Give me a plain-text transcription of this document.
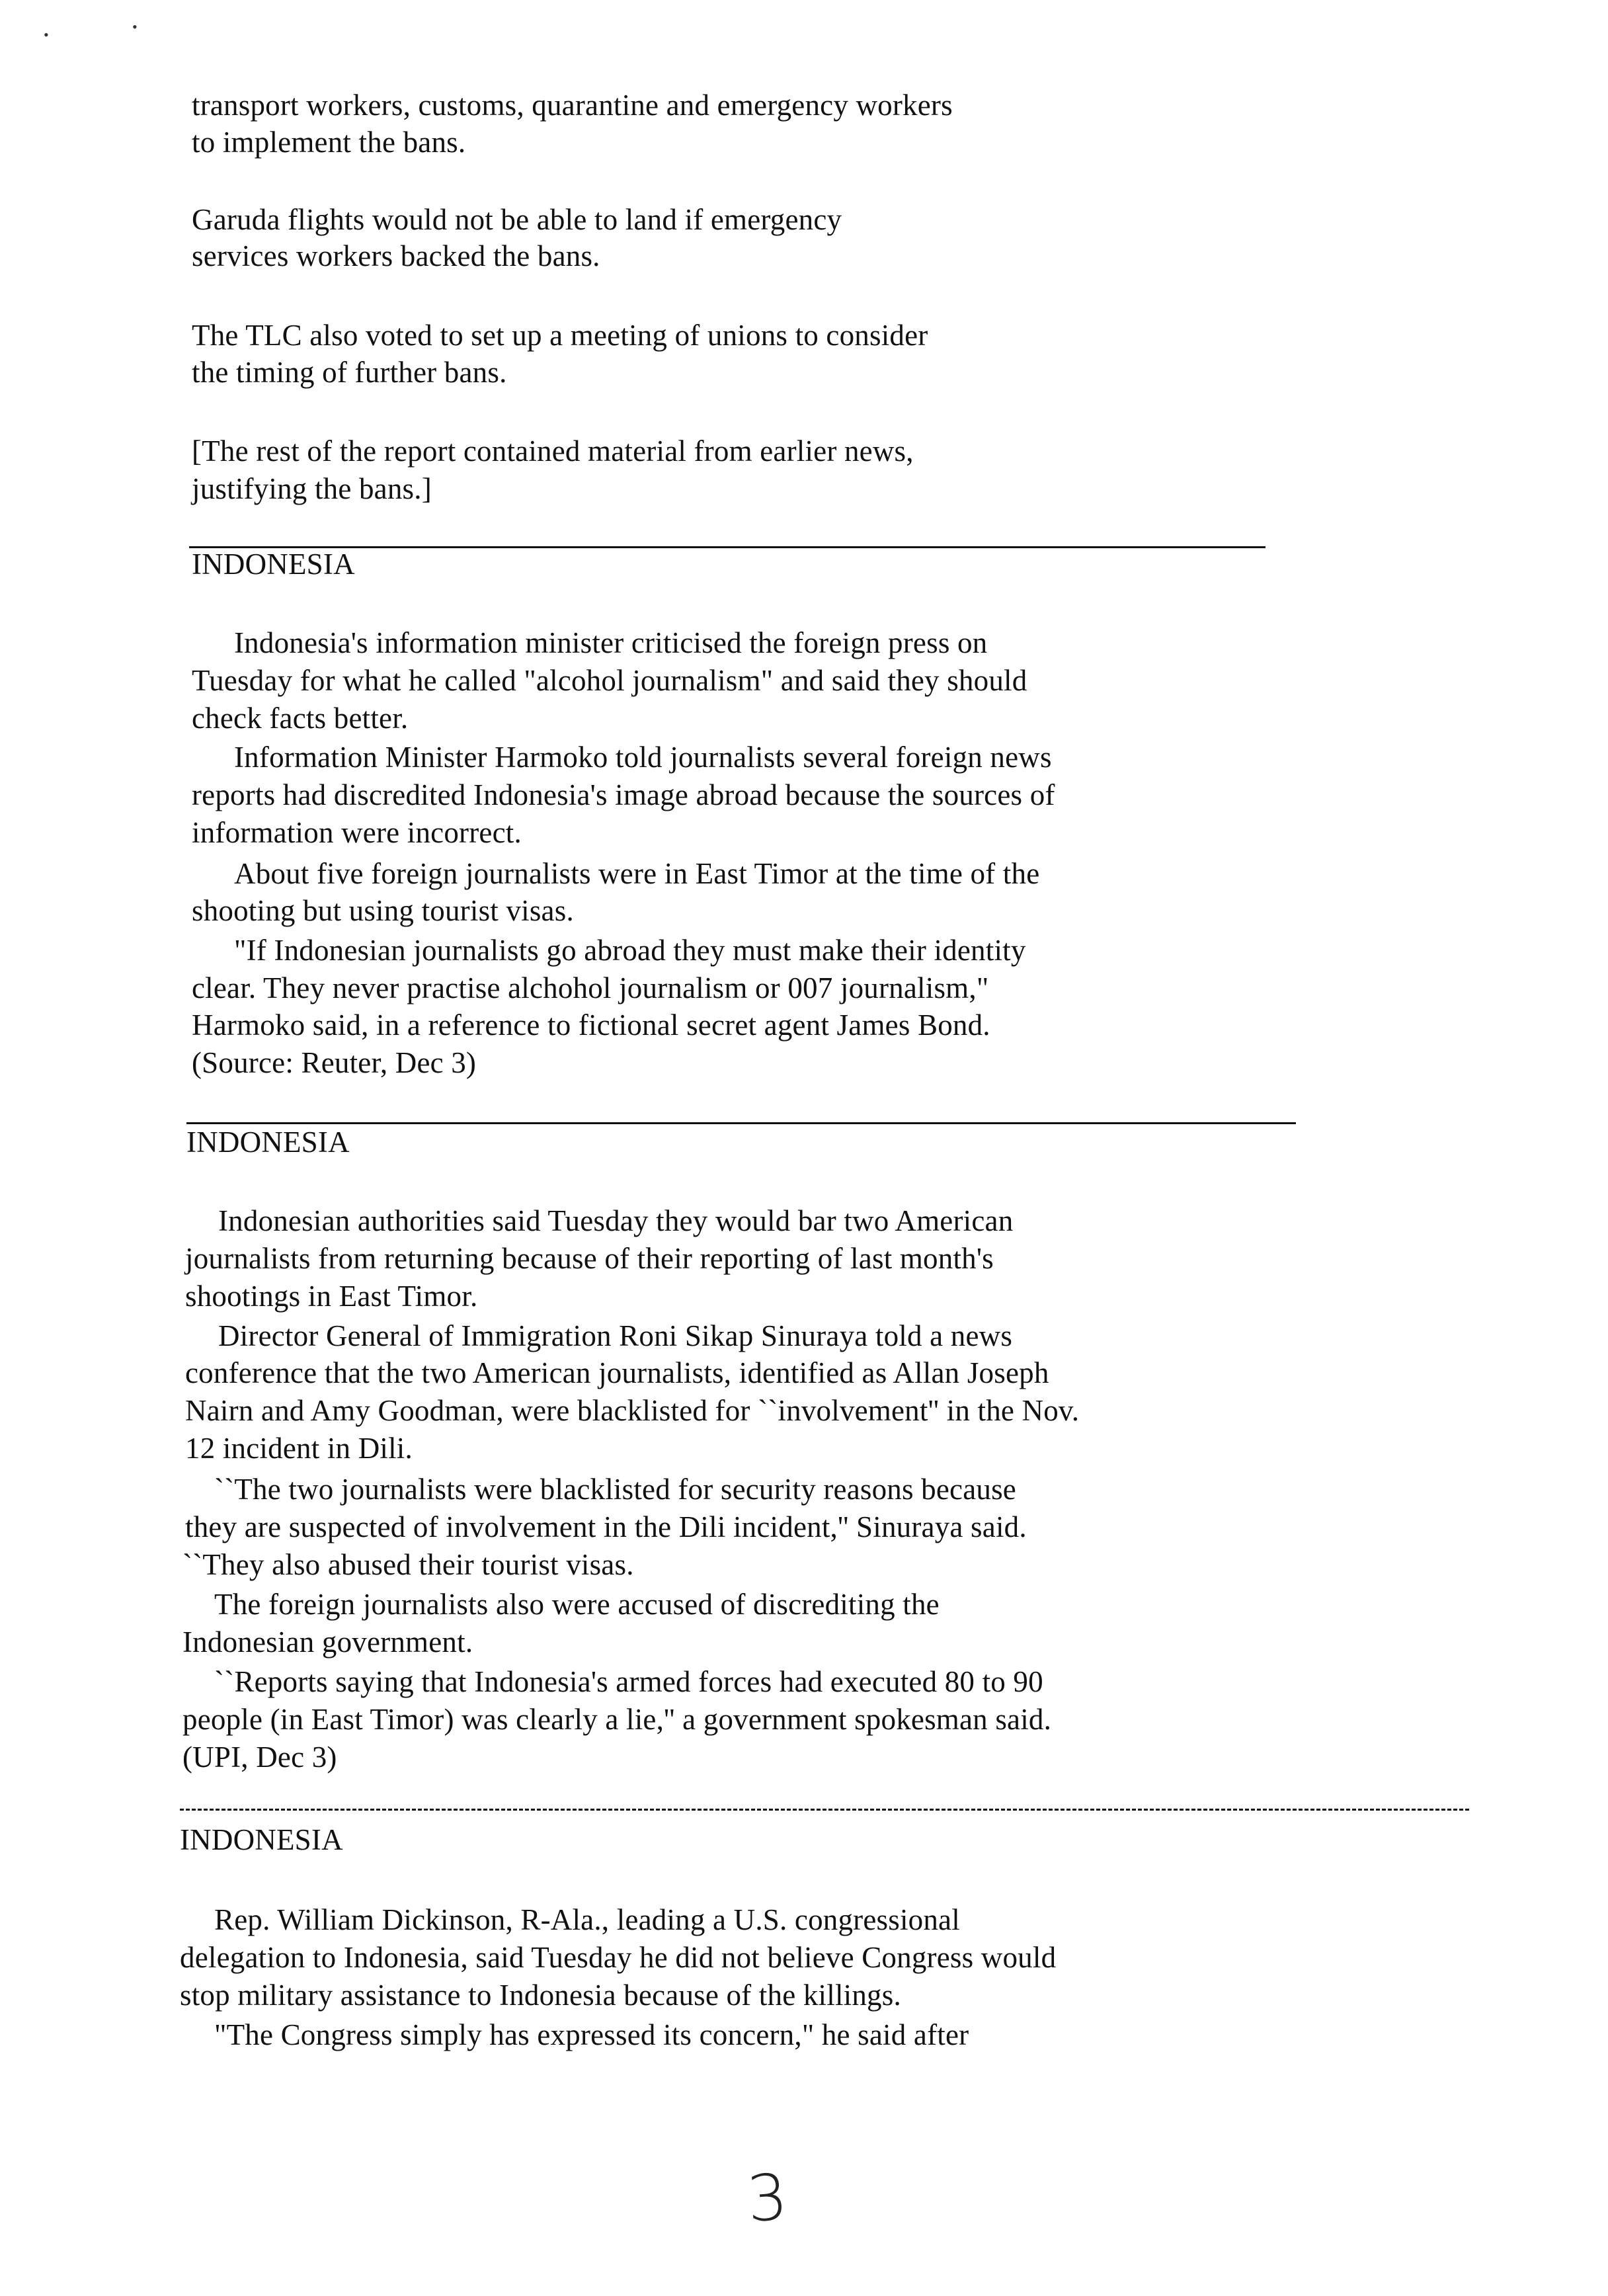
•	•
transport workers, customs, quarantine and emergency workers
to implement the bans.
Garuda flights would not be able to land if emergency
services workers backed the bans.
The TLC also voted to set up a meeting of unions to consider
the timing of further bans.
[The rest of the report contained material from earlier news,
justifying the bans.]
INDONESIA
Indonesia's information minister criticised the foreign press on
Tuesday for what he called "alcohol journalism" and said they should
check facts better.
Information Minister Harmoko told journalists several foreign news
reports had discredited Indonesia's image abroad because the sources of
information were incorrect.
About five foreign journalists were in East Timor at the time of the
shooting but using tourist visas.
"If Indonesian journalists go abroad they must make their identity
clear. They never practise alchohol journalism or 007 journalism,"
Harmoko said, in a reference to fictional secret agent James Bond.
(Source: Reuter, Dec 3)
INDONESIA
Indonesian authorities said Tuesday they would bar two American
journalists from returning because of their reporting of last month's
shootings in East Timor.
Director General of Immigration Roni Sikap Sinuraya told a news
conference that the two American journalists, identified as Allan Joseph
Nairn and Amy Goodman, were blacklisted for ``involvement'' in the Nov.
12 incident in Dili.
``The two journalists were blacklisted for security reasons because
they are suspected of involvement in the Dili incident,'' Sinuraya said.
``They also abused their tourist visas.
The foreign journalists also were accused of discrediting the
Indonesian government.
``Reports saying that Indonesia's armed forces had executed 80 to 90
people (in East Timor) was clearly a lie,'' a government spokesman said.
(UPI, Dec 3)
INDONESIA
Rep. William Dickinson, R-Ala., leading a U.S. congressional
delegation to Indonesia, said Tuesday he did not believe Congress would
stop military assistance to Indonesia because of the killings.
"The Congress simply has expressed its concern," he said after
3
